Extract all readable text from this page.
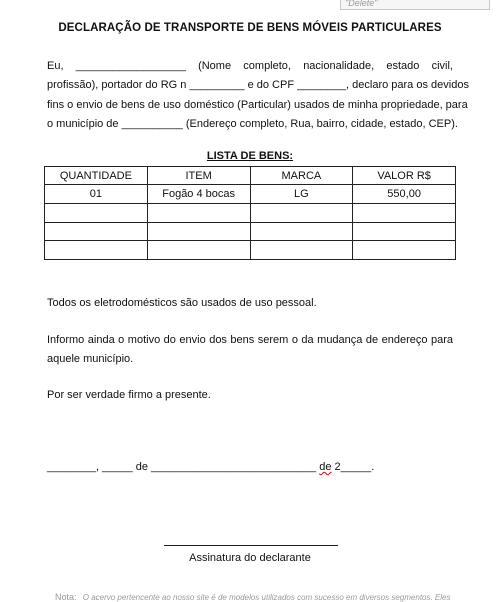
"Delete"
DECLARAÇÃO DE TRANSPORTE DE BENS MÓVEIS PARTICULARES
Eu, __________________ (Nome completo, nacionalidade, estado civil,
profissão), portador do RG n _________ e do CPF ________, declaro para os devidos
fins o envio de bens de uso doméstico (Particular) usados de minha propriedade, para
o município de __________ (Endereço completo, Rua, bairro, cidade, estado, CEP).
LISTA DE BENS:
QUANTIDADE	ITEM	MARCA	VALOR R$
01	Fogão 4 bocas	LG	550,00

Todos os eletrodomésticos são usados de uso pessoal.
Informo ainda o motivo do envio dos bens serem o da mudança de endereço para
aquele município.
Por ser verdade firmo a presente.
________, _____ de ___________________________ de 2_____.
Assinatura do declarante
Nota: O acervo pertencente ao nosso site é de modelos utilizados com sucesso em diversos segmentos. Eles
